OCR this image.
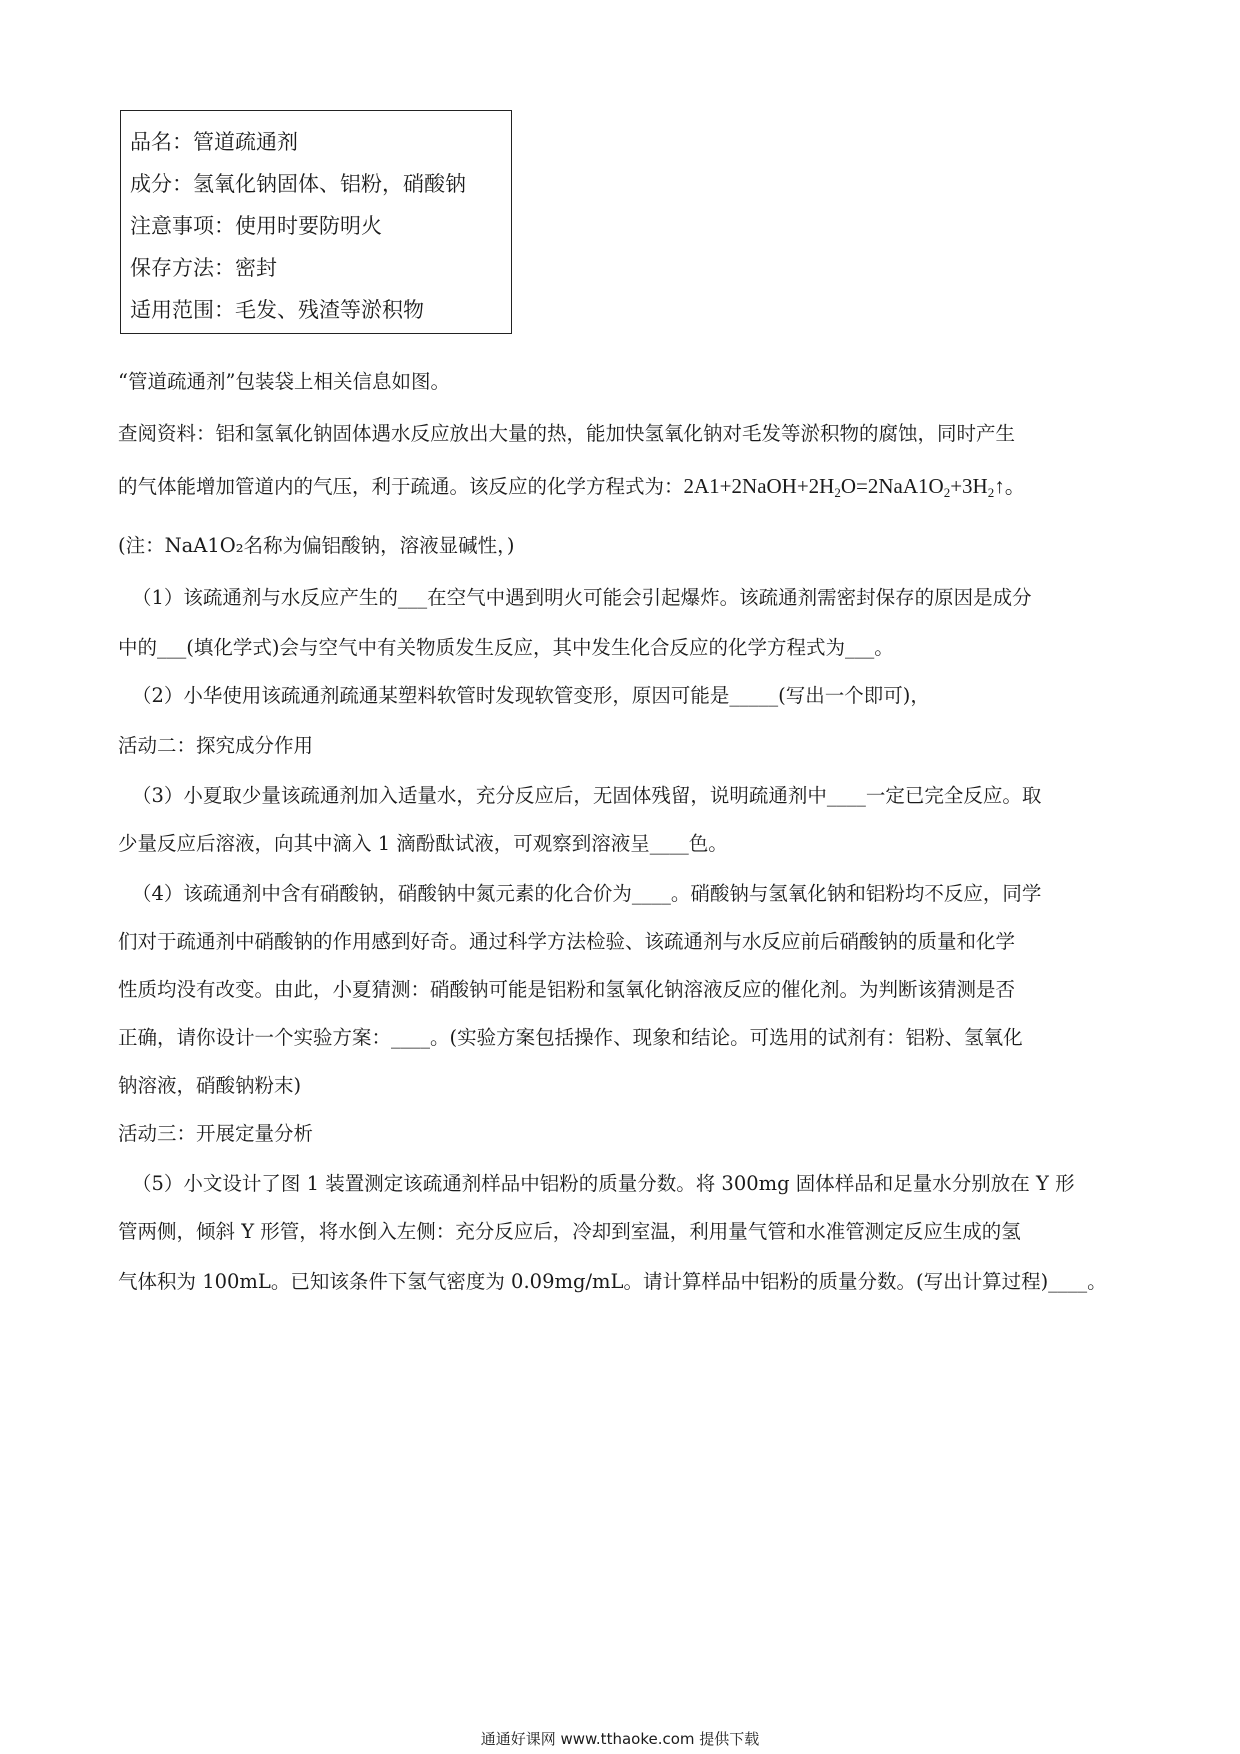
品名：管道疏通剂
成分：氢氧化钠固体、铝粉，硝酸钠
注意事项：使用时要防明火
保存方法：密封
适用范围：毛发、残渣等淤积物
“管道疏通剂”包装袋上相关信息如图。
查阅资料：铝和氢氧化钠固体遇水反应放出大量的热，能加快氢氧化钠对毛发等淤积物的腐蚀，同时产生
的气体能增加管道内的气压，利于疏通。该反应的化学方程式为：$2A1+2NaOH+2H_2O=2NaA1O_2+3H_2↑$。
(注：NaA1O₂名称为偏铝酸钠，溶液显碱性，)
（1）该疏通剂与水反应产生的___在空气中遇到明火可能会引起爆炸。该疏通剂需密封保存的原因是成分
中的___(填化学式)会与空气中有关物质发生反应，其中发生化合反应的化学方程式为___。
（2）小华使用该疏通剂疏通某塑料软管时发现软管变形，原因可能是_____(写出一个即可)，
活动二：探究成分作用
（3）小夏取少量该疏通剂加入适量水，充分反应后，无固体残留，说明疏通剂中____一定已完全反应。取
少量反应后溶液，向其中滴入 1 滴酚酞试液，可观察到溶液呈____色。
（4）该疏通剂中含有硝酸钠，硝酸钠中氮元素的化合价为____。硝酸钠与氢氧化钠和铝粉均不反应，同学
们对于疏通剂中硝酸钠的作用感到好奇。通过科学方法检验、该疏通剂与水反应前后硝酸钠的质量和化学
性质均没有改变。由此，小夏猜测：硝酸钠可能是铝粉和氢氧化钠溶液反应的催化剂。为判断该猜测是否
正确，请你设计一个实验方案：____。(实验方案包括操作、现象和结论。可选用的试剂有：铝粉、氢氧化
钠溶液，硝酸钠粉末)
活动三：开展定量分析
（5）小文设计了图 1 装置测定该疏通剂样品中铝粉的质量分数。将 300mg 固体样品和足量水分别放在 Y 形
管两侧，倾斜 Y 形管，将水倒入左侧：充分反应后，冷却到室温，利用量气管和水准管测定反应生成的氢
气体积为 100mL。已知该条件下氢气密度为 0.09mg/mL。请计算样品中铝粉的质量分数。(写出计算过程)____。
通通好课网 www.tthaoke.com 提供下载
